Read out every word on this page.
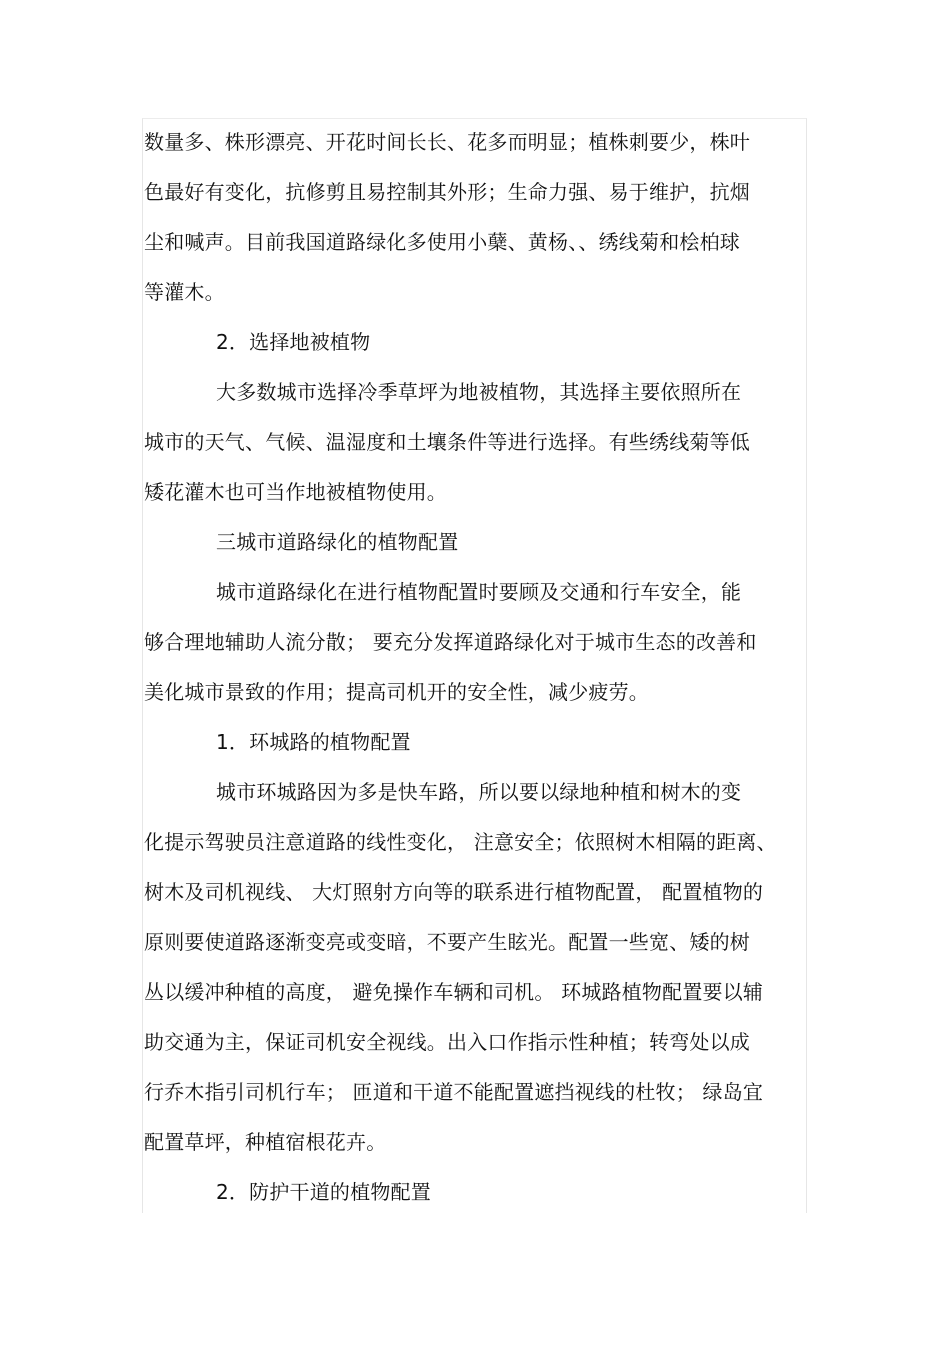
数量多、株形漂亮、开花时间长长、花多而明显；植株刺要少，株叶
色最好有变化，抗修剪且易控制其外形；生命力强、易于维护，抗烟
尘和喊声。目前我国道路绿化多使用小蘖、黄杨、、绣线菊和桧柏球
等灌木。
2．选择地被植物
大多数城市选择冷季草坪为地被植物，其选择主要依照所在
城市的天气、气候、温湿度和土壤条件等进行选择。有些绣线菊等低
矮花灌木也可当作地被植物使用。
三城市道路绿化的植物配置
城市道路绿化在进行植物配置时要顾及交通和行车安全，能
够合理地辅助人流分散； 要充分发挥道路绿化对于城市生态的改善和
美化城市景致的作用；提高司机开的安全性，减少疲劳。
1．环城路的植物配置
城市环城路因为多是快车路，所以要以绿地种植和树木的变
化提示驾驶员注意道路的线性变化， 注意安全；依照树木相隔的距离、
树木及司机视线、 大灯照射方向等的联系进行植物配置， 配置植物的
原则要使道路逐渐变亮或变暗，不要产生眩光。配置一些宽、矮的树
丛以缓冲种植的高度， 避免操作车辆和司机。 环城路植物配置要以辅
助交通为主，保证司机安全视线。出入口作指示性种植；转弯处以成
行乔木指引司机行车； 匝道和干道不能配置遮挡视线的杜牧； 绿岛宜
配置草坪，种植宿根花卉。
2．防护干道的植物配置
